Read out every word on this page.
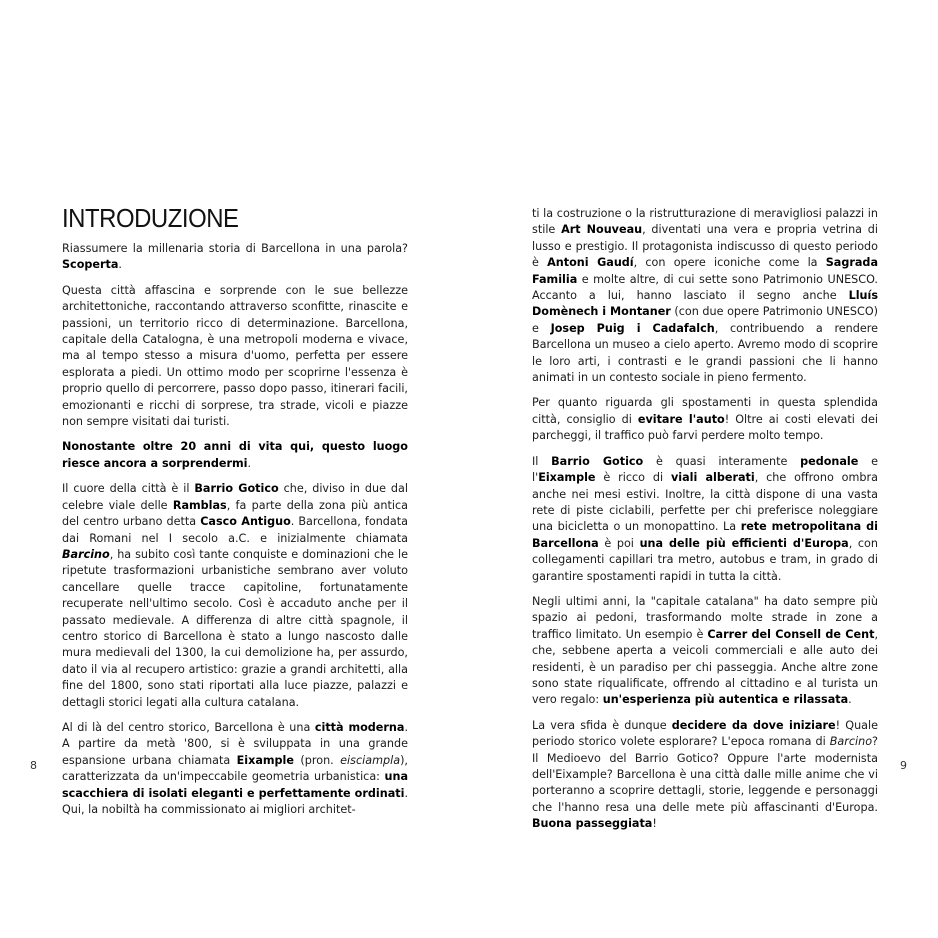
INTRODUZIONE

Riassumere la millenaria storia di Barcellona in una parola? Scoperta.

Questa città affascina e sorprende con le sue bellezze architettoniche, raccontando attraverso sconfitte, rinascite e passioni, un territorio ricco di determinazione. Barcellona, capitale della Catalogna, è una metropoli moderna e vivace, ma al tempo stesso a misura d'uomo, perfetta per essere esplorata a piedi. Un ottimo modo per scoprirne l'essenza è proprio quello di percorrere, passo dopo passo, itinerari facili, emozionanti e ricchi di sorprese, tra strade, vicoli e piazze non sempre visitati dai turisti.

Nonostante oltre 20 anni di vita qui, questo luogo riesce ancora a sorprendermi.

Il cuore della città è il Barrio Gotico che, diviso in due dal celebre viale delle Ramblas, fa parte della zona più antica del centro urbano detta Casco Antiguo. Barcellona, fondata dai Romani nel I secolo a.C. e inizialmente chiamata Barcino, ha subito così tante conquiste e dominazioni che le ripetute trasformazioni urbanistiche sembrano aver voluto cancellare quelle tracce capitoline, fortunatamente recuperate nell'ultimo secolo. Così è accaduto anche per il passato medievale. A differenza di altre città spagnole, il centro storico di Barcellona è stato a lungo nascosto dalle mura medievali del 1300, la cui demolizione ha, per assurdo, dato il via al recupero artistico: grazie a grandi architetti, alla fine del 1800, sono stati riportati alla luce piazze, palazzi e dettagli storici legati alla cultura catalana.

Al di là del centro storico, Barcellona è una città moderna. A partire da metà '800, si è sviluppata in una grande espansione urbana chiamata Eixample (pron. eisciampla), caratterizzata da un'impeccabile geometria urbanistica: una scacchiera di isolati eleganti e perfettamente ordinati. Qui, la nobiltà ha commissionato ai migliori architet-

8

ti la costruzione o la ristrutturazione di meravigliosi palazzi in stile Art Nouveau, diventati una vera e propria vetrina di lusso e prestigio. Il protagonista indiscusso di questo periodo è Antoni Gaudí, con opere iconiche come la Sagrada Familia e molte altre, di cui sette sono Patrimonio UNESCO. Accanto a lui, hanno lasciato il segno anche Lluís Domènech i Montaner (con due opere Patrimonio UNESCO) e Josep Puig i Cadafalch, contribuendo a rendere Barcellona un museo a cielo aperto. Avremo modo di scoprire le loro arti, i contrasti e le grandi passioni che li hanno animati in un contesto sociale in pieno fermento.

Per quanto riguarda gli spostamenti in questa splendida città, consiglio di evitare l'auto! Oltre ai costi elevati dei parcheggi, il traffico può farvi perdere molto tempo.

Il Barrio Gotico è quasi interamente pedonale e l'Eixample è ricco di viali alberati, che offrono ombra anche nei mesi estivi. Inoltre, la città dispone di una vasta rete di piste ciclabili, perfette per chi preferisce noleggiare una bicicletta o un monopattino. La rete metropolitana di Barcellona è poi una delle più efficienti d'Europa, con collegamenti capillari tra metro, autobus e tram, in grado di garantire spostamenti rapidi in tutta la città.

Negli ultimi anni, la "capitale catalana" ha dato sempre più spazio ai pedoni, trasformando molte strade in zone a traffico limitato. Un esempio è Carrer del Consell de Cent, che, sebbene aperta a veicoli commerciali e alle auto dei residenti, è un paradiso per chi passeggia. Anche altre zone sono state riqualificate, offrendo al cittadino e al turista un vero regalo: un'esperienza più autentica e rilassata.

La vera sfida è dunque decidere da dove iniziare! Quale periodo storico volete esplorare? L'epoca romana di Barcino? Il Medioevo del Barrio Gotico? Oppure l'arte modernista dell'Eixample? Barcellona è una città dalle mille anime che vi porteranno a scoprire dettagli, storie, leggende e personaggi che l'hanno resa una delle mete più affascinanti d'Europa. Buona passeggiata!

9
